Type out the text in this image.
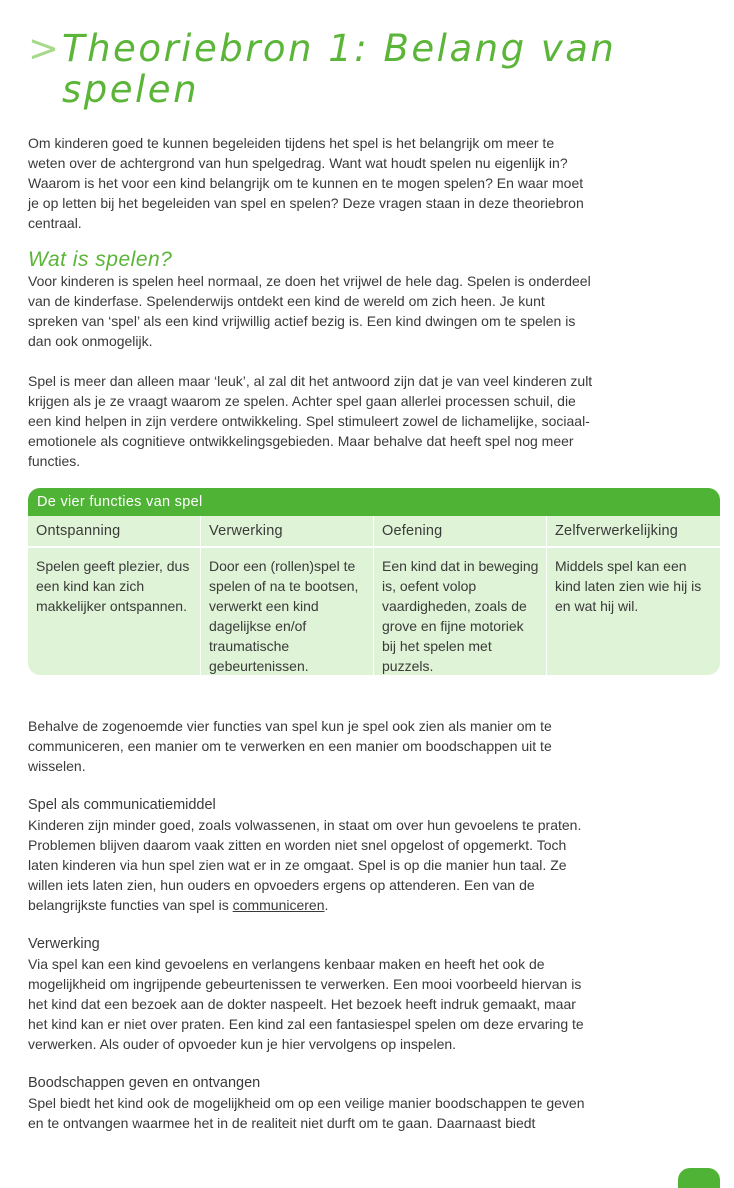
> Theoriebron 1: Belang van spelen

Om kinderen goed te kunnen begeleiden tijdens het spel is het belangrijk om meer te weten over de achtergrond van hun spelgedrag. Want wat houdt spelen nu eigenlijk in? Waarom is het voor een kind belangrijk om te kunnen en te mogen spelen? En waar moet je op letten bij het begeleiden van spel en spelen? Deze vragen staan in deze theoriebron centraal.

Wat is spelen?

Voor kinderen is spelen heel normaal, ze doen het vrijwel de hele dag. Spelen is onderdeel van de kinderfase. Spelenderwijs ontdekt een kind de wereld om zich heen. Je kunt spreken van ‘spel’ als een kind vrijwillig actief bezig is. Een kind dwingen om te spelen is dan ook onmogelijk.

Spel is meer dan alleen maar ‘leuk’, al zal dit het antwoord zijn dat je van veel kinderen zult krijgen als je ze vraagt waarom ze spelen. Achter spel gaan allerlei processen schuil, die een kind helpen in zijn verdere ontwikkeling. Spel stimuleert zowel de lichamelijke, sociaal-emotionele als cognitieve ontwikkelingsgebieden. Maar behalve dat heeft spel nog meer functies.

De vier functies van spel
Ontspanning
Spelen geeft plezier, dus een kind kan zich makkelijker ontspannen.
Verwerking
Door een (rollen)spel te spelen of na te bootsen, verwerkt een kind dagelijkse en/of traumatische gebeurtenissen.
Oefening
Een kind dat in beweging is, oefent volop vaardigheden, zoals de grove en fijne motoriek bij het spelen met puzzels.
Zelfverwerkelijking
Middels spel kan een kind laten zien wie hij is en wat hij wil.

Behalve de zogenoemde vier functies van spel kun je spel ook zien als manier om te communiceren, een manier om te verwerken en een manier om boodschappen uit te wisselen.

Spel als communicatiemiddel

Kinderen zijn minder goed, zoals volwassenen, in staat om over hun gevoelens te praten. Problemen blijven daarom vaak zitten en worden niet snel opgelost of opgemerkt. Toch laten kinderen via hun spel zien wat er in ze omgaat. Spel is op die manier hun taal. Ze willen iets laten zien, hun ouders en opvoeders ergens op attenderen. Een van de belangrijkste functies van spel is communiceren.

Verwerking

Via spel kan een kind gevoelens en verlangens kenbaar maken en heeft het ook de mogelijkheid om ingrijpende gebeurtenissen te verwerken. Een mooi voorbeeld hiervan is het kind dat een bezoek aan de dokter naspeelt. Het bezoek heeft indruk gemaakt, maar het kind kan er niet over praten. Een kind zal een fantasiespel spelen om deze ervaring te verwerken. Als ouder of opvoeder kun je hier vervolgens op inspelen.

Boodschappen geven en ontvangen

Spel biedt het kind ook de mogelijkheid om op een veilige manier boodschappen te geven en te ontvangen waarmee het in de realiteit niet durft om te gaan. Daarnaast biedt
